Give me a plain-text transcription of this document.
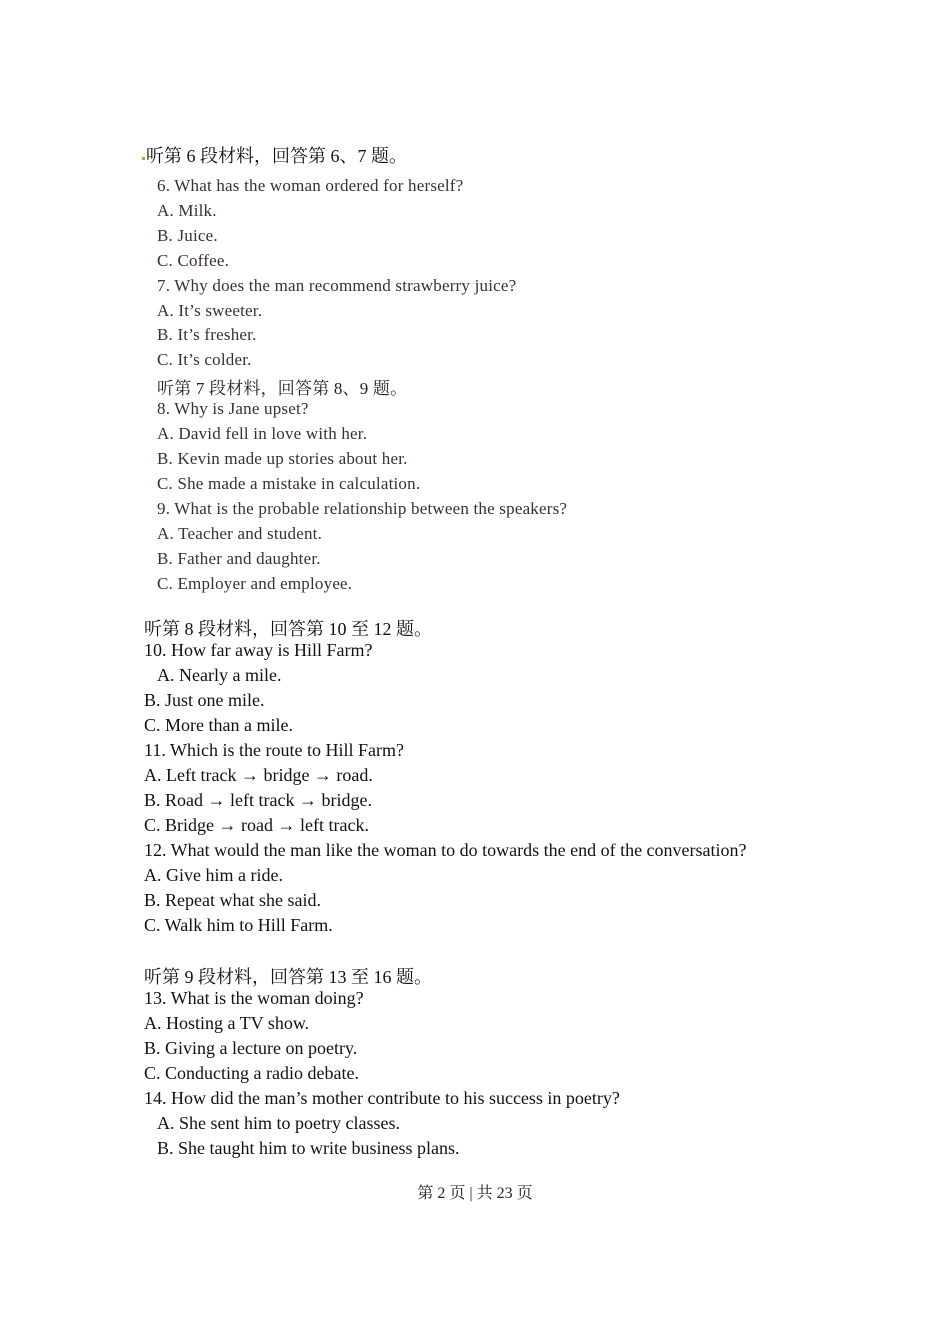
听第 6 段材料，回答第 6、7 题。
6. What has the woman ordered for herself?
A. Milk.
B. Juice.
C. Coffee.
7. Why does the man recommend strawberry juice?
A. It’s sweeter.
B. It’s fresher.
C. It’s colder.
听第 7 段材料，回答第 8、9 题。
8. Why is Jane upset?
A. David fell in love with her.
B. Kevin made up stories about her.
C. She made a mistake in calculation.
9. What is the probable relationship between the speakers?
A. Teacher and student.
B. Father and daughter.
C. Employer and employee.
听第 8 段材料，回答第 10 至 12 题。
10. How far away is Hill Farm?
A. Nearly a mile.
B. Just one mile.
C. More than a mile.
11. Which is the route to Hill Farm?
A. Left track → bridge → road.
B. Road → left track → bridge.
C. Bridge → road → left track.
12. What would the man like the woman to do towards the end of the conversation?
A. Give him a ride.
B. Repeat what she said.
C. Walk him to Hill Farm.
听第 9 段材料，回答第 13 至 16 题。
13. What is the woman doing?
A. Hosting a TV show.
B. Giving a lecture on poetry.
C. Conducting a radio debate.
14. How did the man’s mother contribute to his success in poetry?
A. She sent him to poetry classes.
B. She taught him to write business plans.
第 2 页 | 共 23 页
